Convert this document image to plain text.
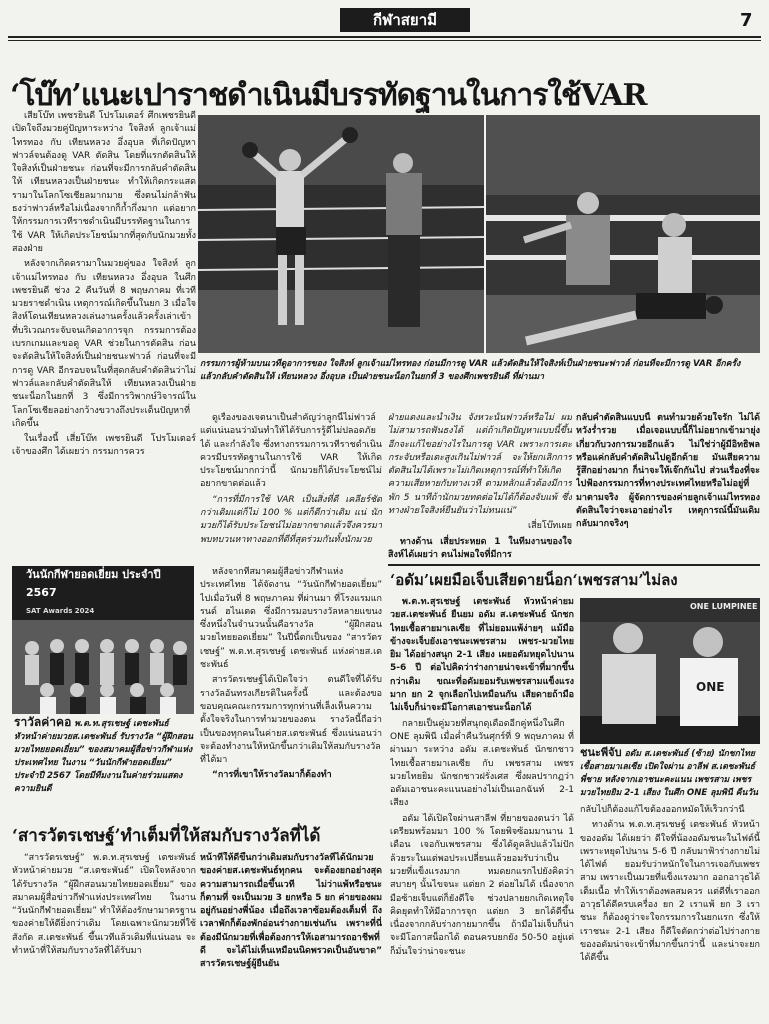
กีฬาสยามี	7
‘โบ๊ท’แนะเปาราชดำเนินมีบรรทัดฐานในการใช้VAR

เสี่ยโบ๊ท เพชรยินดี โปรโมเตอร์ ศึกเพชรยินดี เปิดใจถึงมวยคู่ปัญหาระหว่าง ใจสิงห์ ลูกเจ้าแม่ไทรทอง กับ เทียนหลวง อึ่งอุบล ที่เกิดปัญหาฟาวล์จนต้องดู VAR ตัดสิน โดยที่แรกตัดสินให้ใจสิงห์เป็นฝ่ายชนะ ก่อนที่จะมีการกลับคำตัดสินให้ เทียนหลวงเป็นฝ่ายชนะ ทำให้เกิดกระแสดรามาในโลกโซเชียลมากมาย ซึ่งตนไม่กล้าฟันธงว่าฟาวล์หรือไม่เนื่องจากก็ก้ำกึ่งมาก แต่อยากให้กรรมการเวทีราชดำเนินมีบรรทัดฐานในการใช้ VAR ให้เกิดประโยชน์มากที่สุดกับนักมวยทั้งสองฝ่าย

หลังจากเกิดดรามาในมวยคู่ของ ใจสิงห์ ลูกเจ้าแม่ไทรทอง กับ เทียนหลวง อึ่งอุบล ในศึกเพชรยินดี ช่วง 2 คืนวันที่ 8 พฤษภาคม ที่เวทีมวยราชดำเนิน เหตุการณ์เกิดขึ้นในยก 3 เมื่อใจสิงห์โดนเทียนหลวงเล่นงานครั้งแล้วครั้งเล่าเข้าที่บริเวณกระจับจนเกิดอาการจุก กรรมการต้องเบรกเกมและขอดู VAR ช่วยในการตัดสิน ก่อนจะตัดสินให้ใจสิงห์เป็นฝ่ายชนะฟาวล์ ก่อนที่จะมีการดู VAR อีกรอบจนในที่สุดกลับคำตัดสินว่าไม่ฟาวล์และกลับคำตัดสินให้ เทียนหลวงเป็นฝ่ายชนะน็อกในยกที่ 3 ซึ่งมีการวิพากษ์วิจารณ์ในโลกโซเชียลอย่างกว้างขวางถึงประเด็นปัญหาที่เกิดขึ้น

ในเรื่องนี้ เสี่ยโบ๊ท เพชรยินดี โปรโมเตอร์เจ้าของศึก ได้เผยว่า กรรมการควร

กรรมการผู้ห้ามบนเวทีดูอาการของ ใจสิงห์ ลูกเจ้าแม่ไทรทอง ก่อนมีการดู VAR แล้วตัดสินให้ใจสิงห์เป็นฝ่ายชนะฟาวล์ ก่อนที่จะมีการดู VAR อีกครั้งแล้วกลับคำตัดสินให้ เทียนหลวง อึ่งอุบล เป็นฝ่ายชนะน็อกในยกที่ 3 ของศึกเพชรยินดี ที่ผ่านมา

ดูเรื่องของเจตนาเป็นสำคัญว่าลูกนี้ไม่ฟาวล์ แต่แน่นอนว่ามันทำให้ได้รับการรู้ดีไม่ปลอดภัยได้ และกำลังใจ ซึ่งทางกรรมการเวทีราชดำเนินควรมีบรรทัดฐานในการใช้ VAR ให้เกิดประโยชน์มากกว่านี้ นักมวยก็ได้ประโยชน์ไม่อยากขาดต่อแล้ว

“การที่มีการใช้ VAR เป็นสิ่งที่ดี เคลียร์ชัดกว่าเดิมแต่ก็ไม่ 100 % แต่ก็ดีกว่าเดิม แน่ นักมวยก็ได้รับประโยชน์ไม่อยากขาดแล้วจึงควรมาพบทบวนหาทางออกที่ดีที่สุดร่วมกันทั้งนักมวย

ฝ่ายแดงและน้ำเงิน จังหวะนั้นฟาวล์หรือไม่ ผมไม่สามารถฟันธงได้ แต่ถ้าเกิดปัญหาแบบนี้ขึ้นอีกจะแก้ไขอย่างไรในการดู VAR เพราะการเตะกระจับหรือเตะสูงเกินไม่ฟาวล์ จะให้ยกเลิกการตัดสินไม่ได้เพราะไม่เกิดเหตุการณ์ที่ทำให้เกิดความเสียหายกับทางเวที ตามหลักแล้วต้องมีการพัก 5 นาทีถ้านักมวยทดต่อไม่ได้ก็ต้องจับแพ้ ซึ่งทางฝ่ายใจสิงห์ยืนยันว่าไม่ทนแน่”

เสี่ยโบ๊ทเผย

ทางด้าน เสี่ยประหยด 1 ในทีมงานของใจสิงห์ได้เผยว่า ตนไม่พอใจที่มีการ

กลับคำตัดสินแบบนี้ ตนทำมวยด้วยใจรัก ไม่ได้หวังร่ำรวย เมื่อเจอแบบนี้ก็ไม่อยากเข้ามายุ่งเกี่ยวกับวงการมวยอีกแล้ว ไม่ใช่ว่าผู้มีอิทธิพลหรือแค่กลับคำตัดสินไปดูอีกด้าย มันเสียความรู้สึกอย่างมาก ก็น่าจะให้เจ๊กกันไป ส่วนเรื่องที่จะไปฟ้องกรรมการที่ทางประเทศไทยหรือไม่อยู่ที่ มาตามจริง ผู้จัดการของค่ายลูกเจ้าแม่ไทรทอง ตัดสินใจว่าจะเอาอย่างไร เหตุการณ์นี้มันเดิมกลับมากจริงๆ

วันนักกีฬายอดเยี่ยม ประจำปี 2567
SAT Awards 2024
ราวัลค่าคอ พ.ต.ท.สุรเชษฐ์ เตชะพันธ์ หัวหน้าค่ายมวยส.เตชะพันธ์ รับรางวัล “ผู้ฝึกสอนมวยไทยยอดเยี่ยม” ของสมาคมผู้สื่อข่าวกีฬาแห่งประเทศไทย ในงาน “วันนักกีฬายอดเยี่ยม” ประจำปี 2567 โดยมีทีมงานในค่ายร่วมแสดงความยินดี

หลังจากที่สมาคมผู้สื่อข่าวกีฬาแห่งประเทศไทย ได้จัดงาน “วันนักกีฬายอดเยี่ยม” ไปเมื่อวันที่ 8 พฤษภาคม ที่ผ่านมา ที่โรงแรมแกรนด์ ฮไนเตด ซึ่งมีการมอบรางวัลหลายแขนง ซึ่งหนึ่งในจำนวนนั้นคือรางวัล “ผู้ฝึกสอนมวยไทยยอดเยี่ยม” ในปีนี้ตกเป็นของ “สารวัตรเชษฐ์” พ.ต.ท.สุรเชษฐ์ เตชะพันธ์ แห่งค่ายส.เตชะพันธ์

สารวัตรเชษฐ์ได้เปิดใจว่า ตนดีใจที่ได้รับรางวัลอันทรงเกียรติในครั้งนี้ และต้องขอขอบคุณคณะกรรมการทุกท่านที่เล็งเห็นความตั้งใจจริงในการทำมวยของตน รางวัลนี้ถือว่าเป็นของทุกคนในค่ายส.เตชะพันธ์ ซึ่งแน่นอนว่าจะต้องทำงานให้หนักขึ้นกว่าเดิมให้สมกับรางวัลที่ได้มา

“การที่เขาให้รางวัลมาก็ต้องทำ

‘สารวัตรเชษฐ์’ทำเต็มที่ให้สมกับรางวัลที่ได้

“สารวัตรเชษฐ์” พ.ต.ท.สุรเชษฐ์ เตชะพันธ์ หัวหน้าค่ายมวย “ส.เตชะพันธ์” เปิดใจหลังจากได้รับรางวัล “ผู้ฝึกสอนมวยไทยยอดเยี่ยม” ของสมาคมผู้สื่อข่าวกีฬาแห่งประเทศไทย ในงาน “วันนักกีฬายอดเยี่ยม” ทำให้ต้องรักษามาตรฐานของค่ายให้ดียิ่งกว่าเดิม โดยเฉพาะนักมวยที่ใช้สังกัด ส.เตชะพันธ์ ขึ้นเวทีแล้วเดิมที่แน่นอน จะทำหน้าที่ให้สมกับรางวัลที่ได้รับมา

หน้าที่ให้ดีขึ้นกว่าเดิมสมกับรางวัลที่ได้นักมวยของค่ายส.เตชะพันธ์ทุกคน จะต้องยกอย่างสุดความสามารถเมื่อขึ้นเวที ไม่ว่าแพ้หรือชนะก็ตามที่ จะเป็นมวย 3 ยกหรือ 5 ยก ค่ายของผมอยู่กันอย่างพี่น้อง เมื่อถึงเวลาซ้อมต้องเต็มที่ ถึงเวลาพักก็ต้องพักอ่อนร่างกายเช่นกัน เพราะที่นี่ต้องมีนักมวยที่เพื่อต้องการให้เอสามารถอาชีพที่ดี จะได้ไม่เห็นเหมือนนิดพรวดเป็นอันขาด” สารวัตรเชษฐ์ผู้ยืนยัน

‘อดัม’เผยมือเจ็บเสียดายน็อก‘เพชรสาม’ไม่ลง

พ.ต.ท.สุรเชษฐ์ เตชะพันธ์ หัวหน้าค่ายมวยส.เตชะพันธ์ ยืนยม อดัม ส.เตชะพันธ์ นักชกไทยเชื้อสายมาเลเซีย ที่ไม่ยอมแพ้ง่ายๆ แม้มือข้างจะเจ็บยังเอาชนะเพชรสาม เพชร-มวยไทยยิม ได้อย่างสนุก 2-1 เสียง เผยอดัมหยุดไปนาน 5-6 ปี ต่อไปคิดว่าร่างกายน่าจะเข้าที่มากขึ้นกว่าเดิม ขณะที่อดัมยอมรับเพชรสามแข็งแรงมาก ยก 2 จุกเลือกไปเหมือนกัน เสียดายถ้ามือไม่เจ็บก็น่าจะมีโอกาสเอาชนะน็อกได้

กลายเป็นคู่มวยที่สนุกดุเดือดอีกคู่หนึ่งในศึก ONE ลุมพินี เมื่อค่ำคืนวันศุกร์ที่ 9 พฤษภาคม ที่ผ่านมา ระหว่าง อดัม ส.เตชะพันธ์ นักชกชาวไทยเชื้อสายมาเลเซีย กับ เพชรสาม เพชรมวยไทยยิม นักชกชาวฝรั่งเศส ซึ่งผลปรากฏว่า อดัมเอาชนะคะแนนอย่างไม่เป็นเอกฉันท์ 2-1 เสียง

อดัม ได้เปิดใจผ่านสาลีฟ ที่ยายของตนว่า ได้เตรียมพร้อมมา 100 % โดยพิจซ้อมมานาน 1 เดือน เจอกับเพชรสาม ซึ่งได้ดูคลิปแล้วไม่ปักล้วยระในแต่พอประเปลี่ยนแล้วยอมรับว่าเป็นมวยที่แข็งแรงมาก หมดยกแรกไปยังคิดว่าสบายๆ นั้นไขจนะ แต่ยก 2 ต่อยไม่ได้ เนื่องจากมือซ้ายเจ็บแต่ก็ยังดีใจ ช่วงปลายยกเกิดเหตุใจคิดยุดทำให้มีอาการจุก แต่ยก 3 ยกได้ดีขึ้น เนื่องจากกลับร่างกายมากขึ้น ถ้ามือไม่เจ็บก็น่าจะมีโอกาสน็อกได้ ตอนครบยกยัง 50-50 อยู่แต่ก็มั่นใจว่าน่าจะชนะ

ONE LUMPINEE
ONE
ชนะพี่จับ อดัม ส.เตชะพันธ์ (ซ้าย) นักชกไทยเชื้อสายมาเลเซีย เปิดใจผ่าน อาลีฟ ส.เตชะพันธ์ พี่ชาย หลังจากเอาชนะคะแนน เพชรสาม เพชรมวยไทยยิม 2-1 เสียง ในศึก ONE ลุมพินี คืนวัน

กลับไปก็ต้องแก้ไขต้องออกหมัดให้เร็วกว่านี้

ทางด้าน พ.ต.ท.สุรเชษฐ์ เตชะพันธ์ หัวหน้าของอดัม ได้เผยว่า ดีใจที่น้องอดัมชนะในไฟต์นี้ เพราะหยุดไปนาน 5-6 ปี กลับมาฟ้าร่างกายไม่ได้ไฟต์ ยอมรับว่าหนักใจในการเจอกับเพชรสาม เพราะเป็นมวยที่แข็งแรงมาก ออกอาวุธได้เต็มเนื้อ ทำให้เราต้องพลสมควร แต่ดีที่เราออกอาวุธได้ดีครบเครื่อง ยก 2 เราแพ้ ยก 3 เราชนะ ก็ต้องดูว่าจะใจกรรมการในยกแรก ซึ่งให้เราชนะ 2-1 เสียง ก็ดีใจตัดกว่าต่อไปร่างกายของอดัมน่าจะเข้าที่มากขึ้นกว่านี้ และน่าจะยกได้ดีขึ้น
